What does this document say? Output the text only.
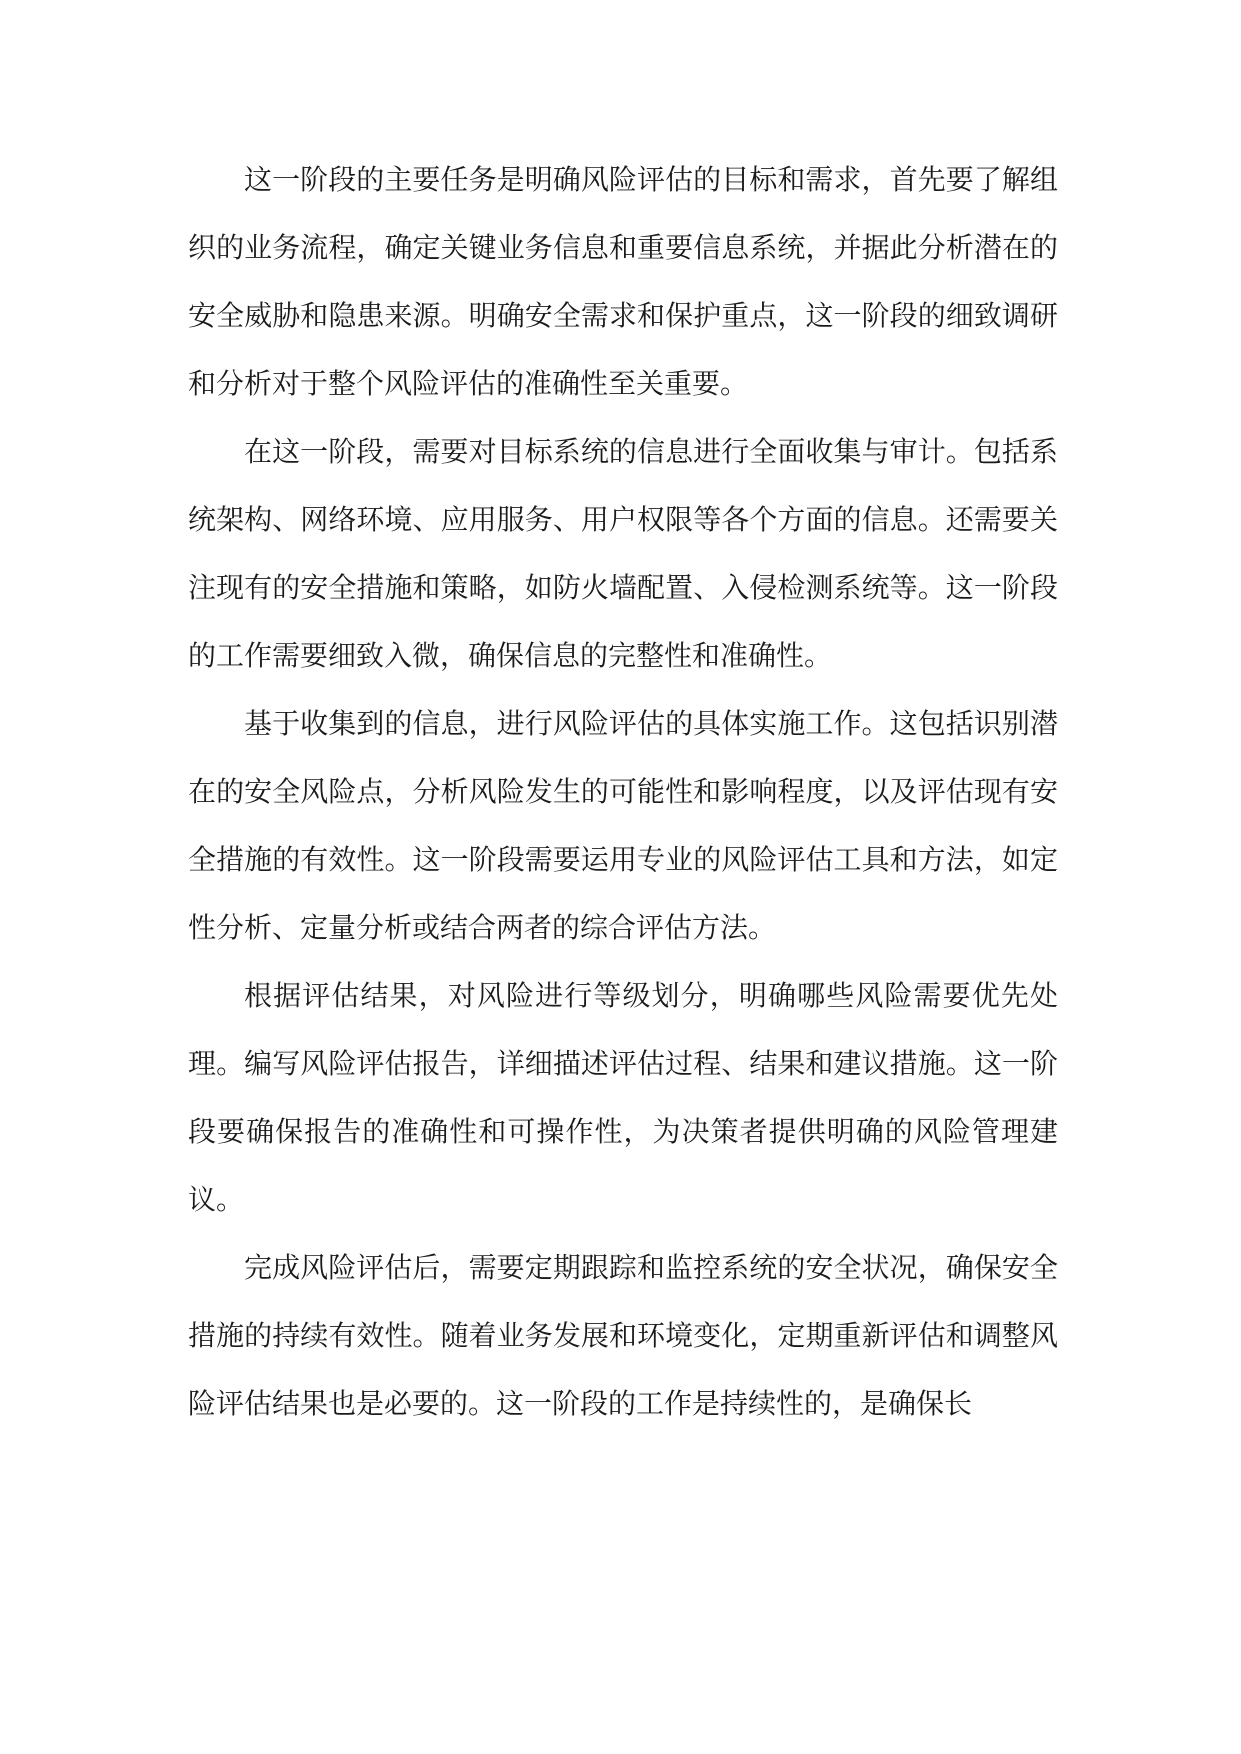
这一阶段的主要任务是明确风险评估的目标和需求，首先要了解组织的业务流程，确定关键业务信息和重要信息系统，并据此分析潜在的安全威胁和隐患来源。明确安全需求和保护重点，这一阶段的细致调研和分析对于整个风险评估的准确性至关重要。

在这一阶段，需要对目标系统的信息进行全面收集与审计。包括系统架构、网络环境、应用服务、用户权限等各个方面的信息。还需要关注现有的安全措施和策略，如防火墙配置、入侵检测系统等。这一阶段的工作需要细致入微，确保信息的完整性和准确性。

基于收集到的信息，进行风险评估的具体实施工作。这包括识别潜在的安全风险点，分析风险发生的可能性和影响程度，以及评估现有安全措施的有效性。这一阶段需要运用专业的风险评估工具和方法，如定性分析、定量分析或结合两者的综合评估方法。

根据评估结果，对风险进行等级划分，明确哪些风险需要优先处理。编写风险评估报告，详细描述评估过程、结果和建议措施。这一阶段要确保报告的准确性和可操作性，为决策者提供明确的风险管理建议。

完成风险评估后，需要定期跟踪和监控系统的安全状况，确保安全措施的持续有效性。随着业务发展和环境变化，定期重新评估和调整风险评估结果也是必要的。这一阶段的工作是持续性的，是确保长
